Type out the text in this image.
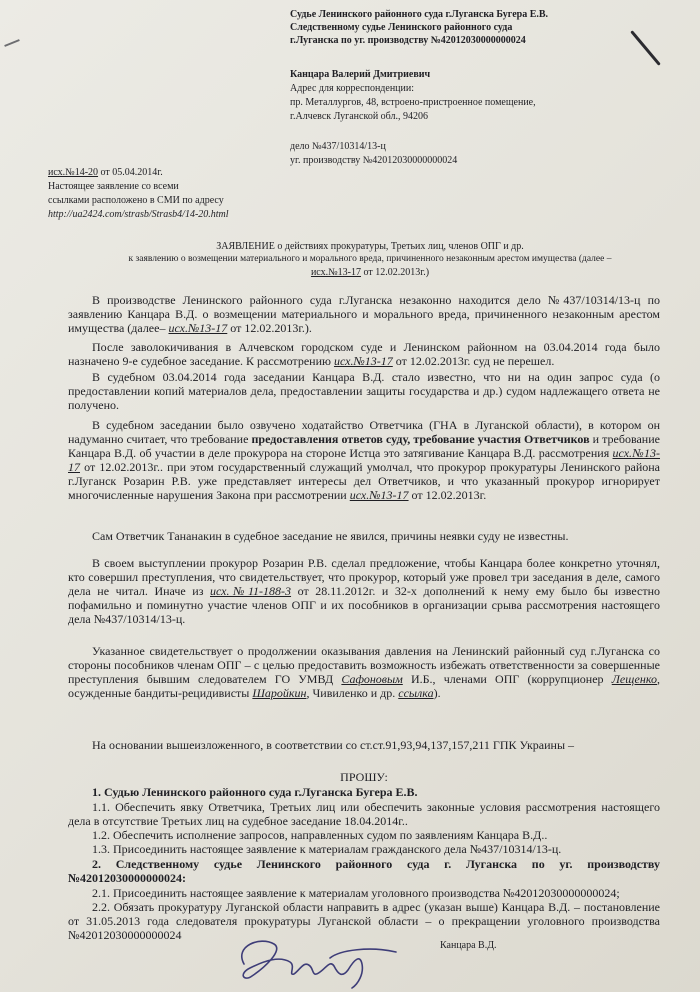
Судье Ленинского районного суда г.Луганска Бугера Е.В.
Следственному судье Ленинского районного суда
г.Луганска по уг. производству №42012030000000024
Канцара Валерий Дмитриевич
Адрес для корреспонденции:
пр. Металлургов, 48, встроено-пристроенное помещение,
г.Алчевск Луганской обл., 94206
дело №437/10314/13-ц
уг. производству №42012030000000024
исх.№14-20 от 05.04.2014г.
Настоящее заявление со всеми
ссылками расположено в СМИ по адресу
http://ua2424.com/strasb/Strasb4/14-20.html
ЗАЯВЛЕНИЕ о действиях прокуратуры, Третьих лиц, членов ОПГ и др.
к заявлению о возмещении материального и морального вреда, причиненного незаконным арестом имущества (далее –
исх.№13-17 от 12.02.2013г.)
В производстве Ленинского районного суда г.Луганска незаконно находится дело №437/10314/13-ц по заявлению Канцара В.Д. о возмещении материального и морального вреда, причиненного незаконным арестом имущества (далее– исх.№13-17 от 12.02.2013г.).
После заволокичивания в Алчевском городском суде и Ленинском районном на 03.04.2014 года было назначено 9-е судебное заседание. К рассмотрению исх.№13-17 от 12.02.2013г. суд не перешел.
В судебном 03.04.2014 года заседании Канцара В.Д. стало известно, что ни на один запрос суда (о предоставлении копий материалов дела, предоставлении защиты государства и др.) судом надлежащего ответа не получено.
В судебном заседании было озвучено ходатайство Ответчика (ГНА в Луганской области), в котором он надуманно считает, что требование предоставления ответов суду, требование участия Ответчиков и требование Канцара В.Д. об участии в деле прокурора на стороне Истца это затягивание Канцара В.Д. рассмотрения исх.№13-17 от 12.02.2013г.. при этом государственный служащий умолчал, что прокурор прокуратуры Ленинского района г.Луганск Розарин Р.В. уже представляет интересы дел Ответчиков, и что указанный прокурор игнорирует многочисленные нарушения Закона при рассмотрении исх.№13-17 от 12.02.2013г.
Сам Ответчик Тананакин в судебное заседание не явился, причины неявки суду не известны.
В своем выступлении прокурор Розарин Р.В. сделал предложение, чтобы Канцара более конкретно уточнял, кто совершил преступления, что свидетельствует, что прокурор, который уже провел три заседания в деле, самого дела не читал. Иначе из исх.№11-188-3 от 28.11.2012г. и 32-х дополнений к нему ему было бы известно пофамильно и поминутно участие членов ОПГ и их пособников в организации срыва рассмотрения настоящего дела №437/10314/13-ц.
Указанное свидетельствует о продолжении оказывания давления на Ленинский районный суд г.Луганска со стороны пособников членам ОПГ – с целью предоставить возможность избежать ответственности за совершенные преступления бывшим следователем ГО УМВД Сафоновым И.Б., членами ОПГ (коррупционер Лещенко, осужденные бандиты-рецидивисты Шаройкин, Чивиленко и др. ссылка).
На основании вышеизложенного, в соответствии со ст.ст.91,93,94,137,157,211 ГПК Украины –
ПРОШУ:
1. Судью Ленинского районного суда г.Луганска Бугера Е.В.
1.1. Обеспечить явку Ответчика, Третьих лиц или обеспечить законные условия рассмотрения настоящего дела в отсутствие Третьих лиц на судебное заседание 18.04.2014г..
1.2. Обеспечить исполнение запросов, направленных судом по заявлениям Канцара В.Д..
1.3. Присоединить настоящее заявление к материалам гражданского дела №437/10314/13-ц.
2. Следственному судье Ленинского районного суда г. Луганска по уг. производству №42012030000000024:
2.1. Присоединить настоящее заявление к материалам уголовного производства №42012030000000024;
2.2. Обязать прокуратуру Луганской области направить в адрес (указан выше) Канцара В.Д. – постановление от 31.05.2013 года следователя прокуратуры Луганской области – о прекращении уголовного производства №42012030000000024
Канцара В.Д.
